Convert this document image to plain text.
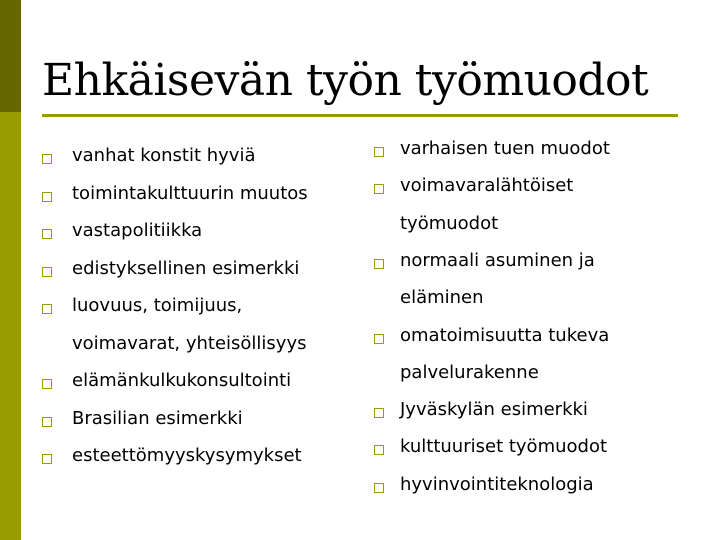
Ehkäisevän työn työmuodot
vanhat konstit hyviä
toimintakulttuurin muutos
vastapolitiikka
edistyksellinen esimerkki
luovuus, toimijuus,
voimavarat, yhteisöllisyys
elämänkulkukonsultointi
Brasilian esimerkki
esteettömyyskysymykset
varhaisen tuen muodot
voimavaralähtöiset
työmuodot
normaali asuminen ja
eläminen
omatoimisuutta tukeva
palvelurakenne
Jyväskylän esimerkki
kulttuuriset työmuodot
hyvinvointiteknologia
